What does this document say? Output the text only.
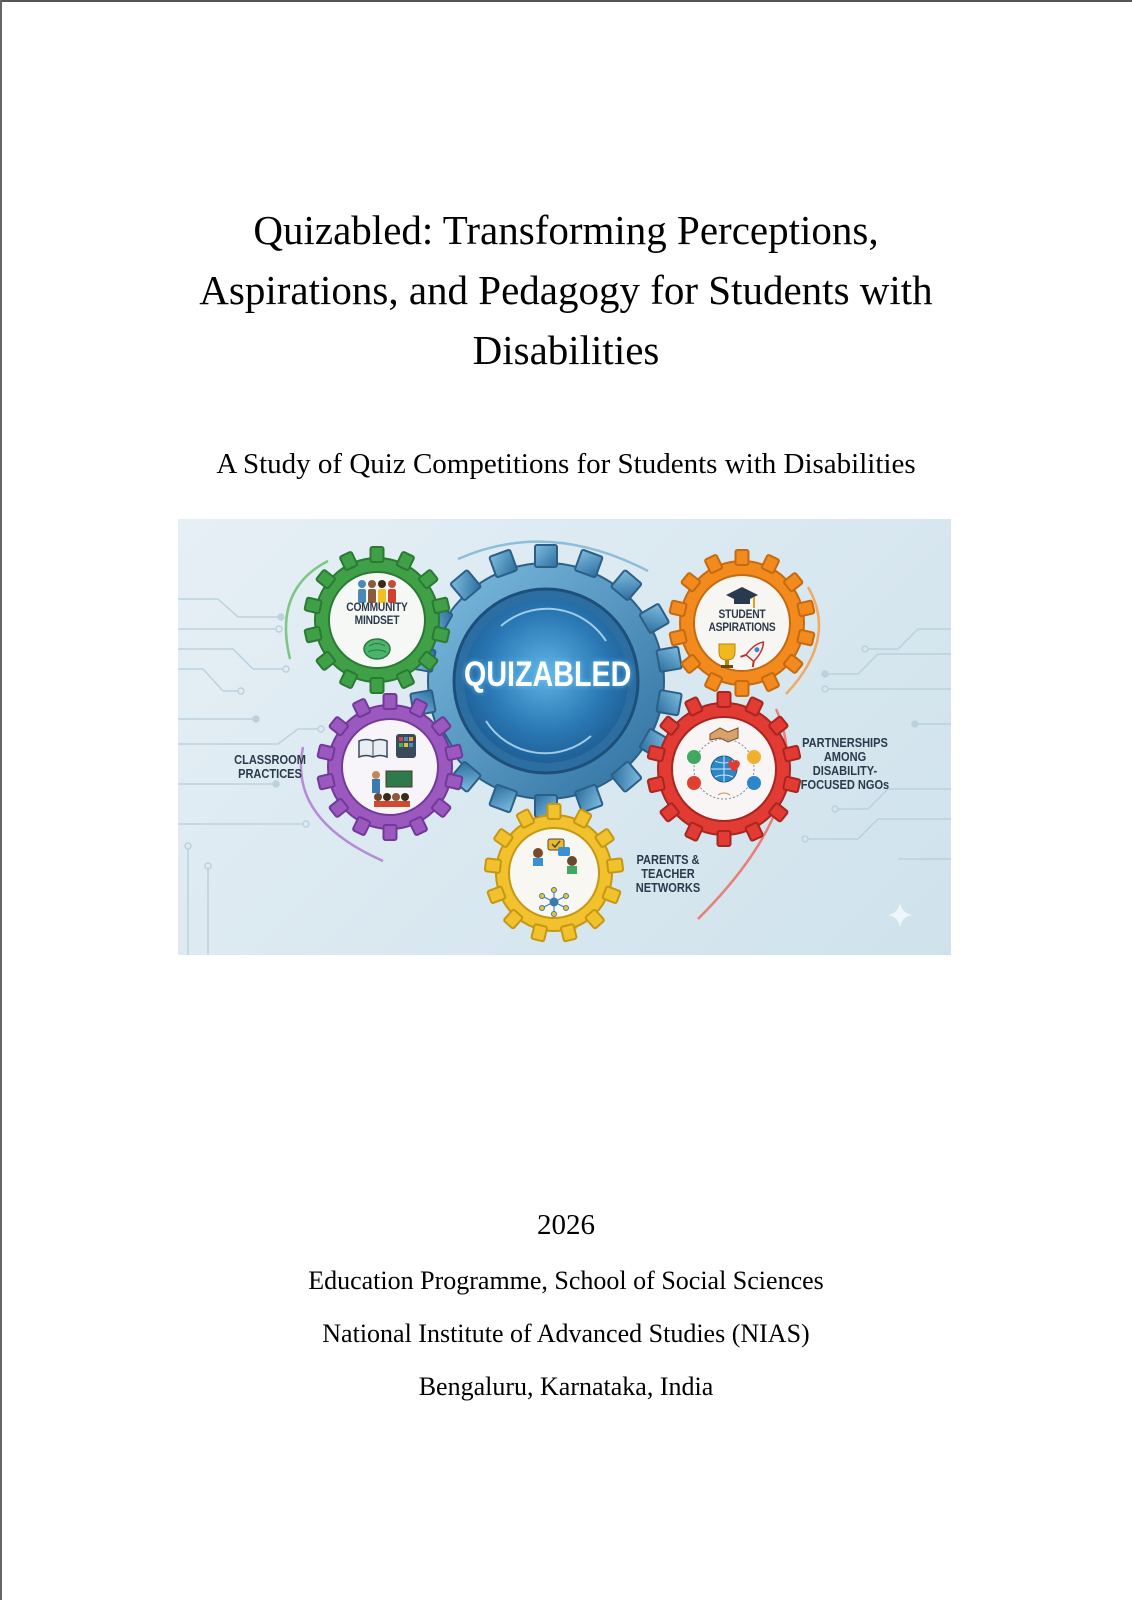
Quizabled: Transforming Perceptions,
Aspirations, and Pedagogy for Students with
Disabilities

A Study of Quiz Competitions for Students with Disabilities

QUIZABLED
COMMUNITY
MINDSET	STUDENT
ASPIRATIONS
CLASSROOM
PRACTICES
PARTNERSHIPS
AMONG
DISABILITY-
FOCUSED NGOs
PARENTS &
TEACHER
NETWORKS
2026
Education Programme, School of Social Sciences
National Institute of Advanced Studies (NIAS)
Bengaluru, Karnataka, India
